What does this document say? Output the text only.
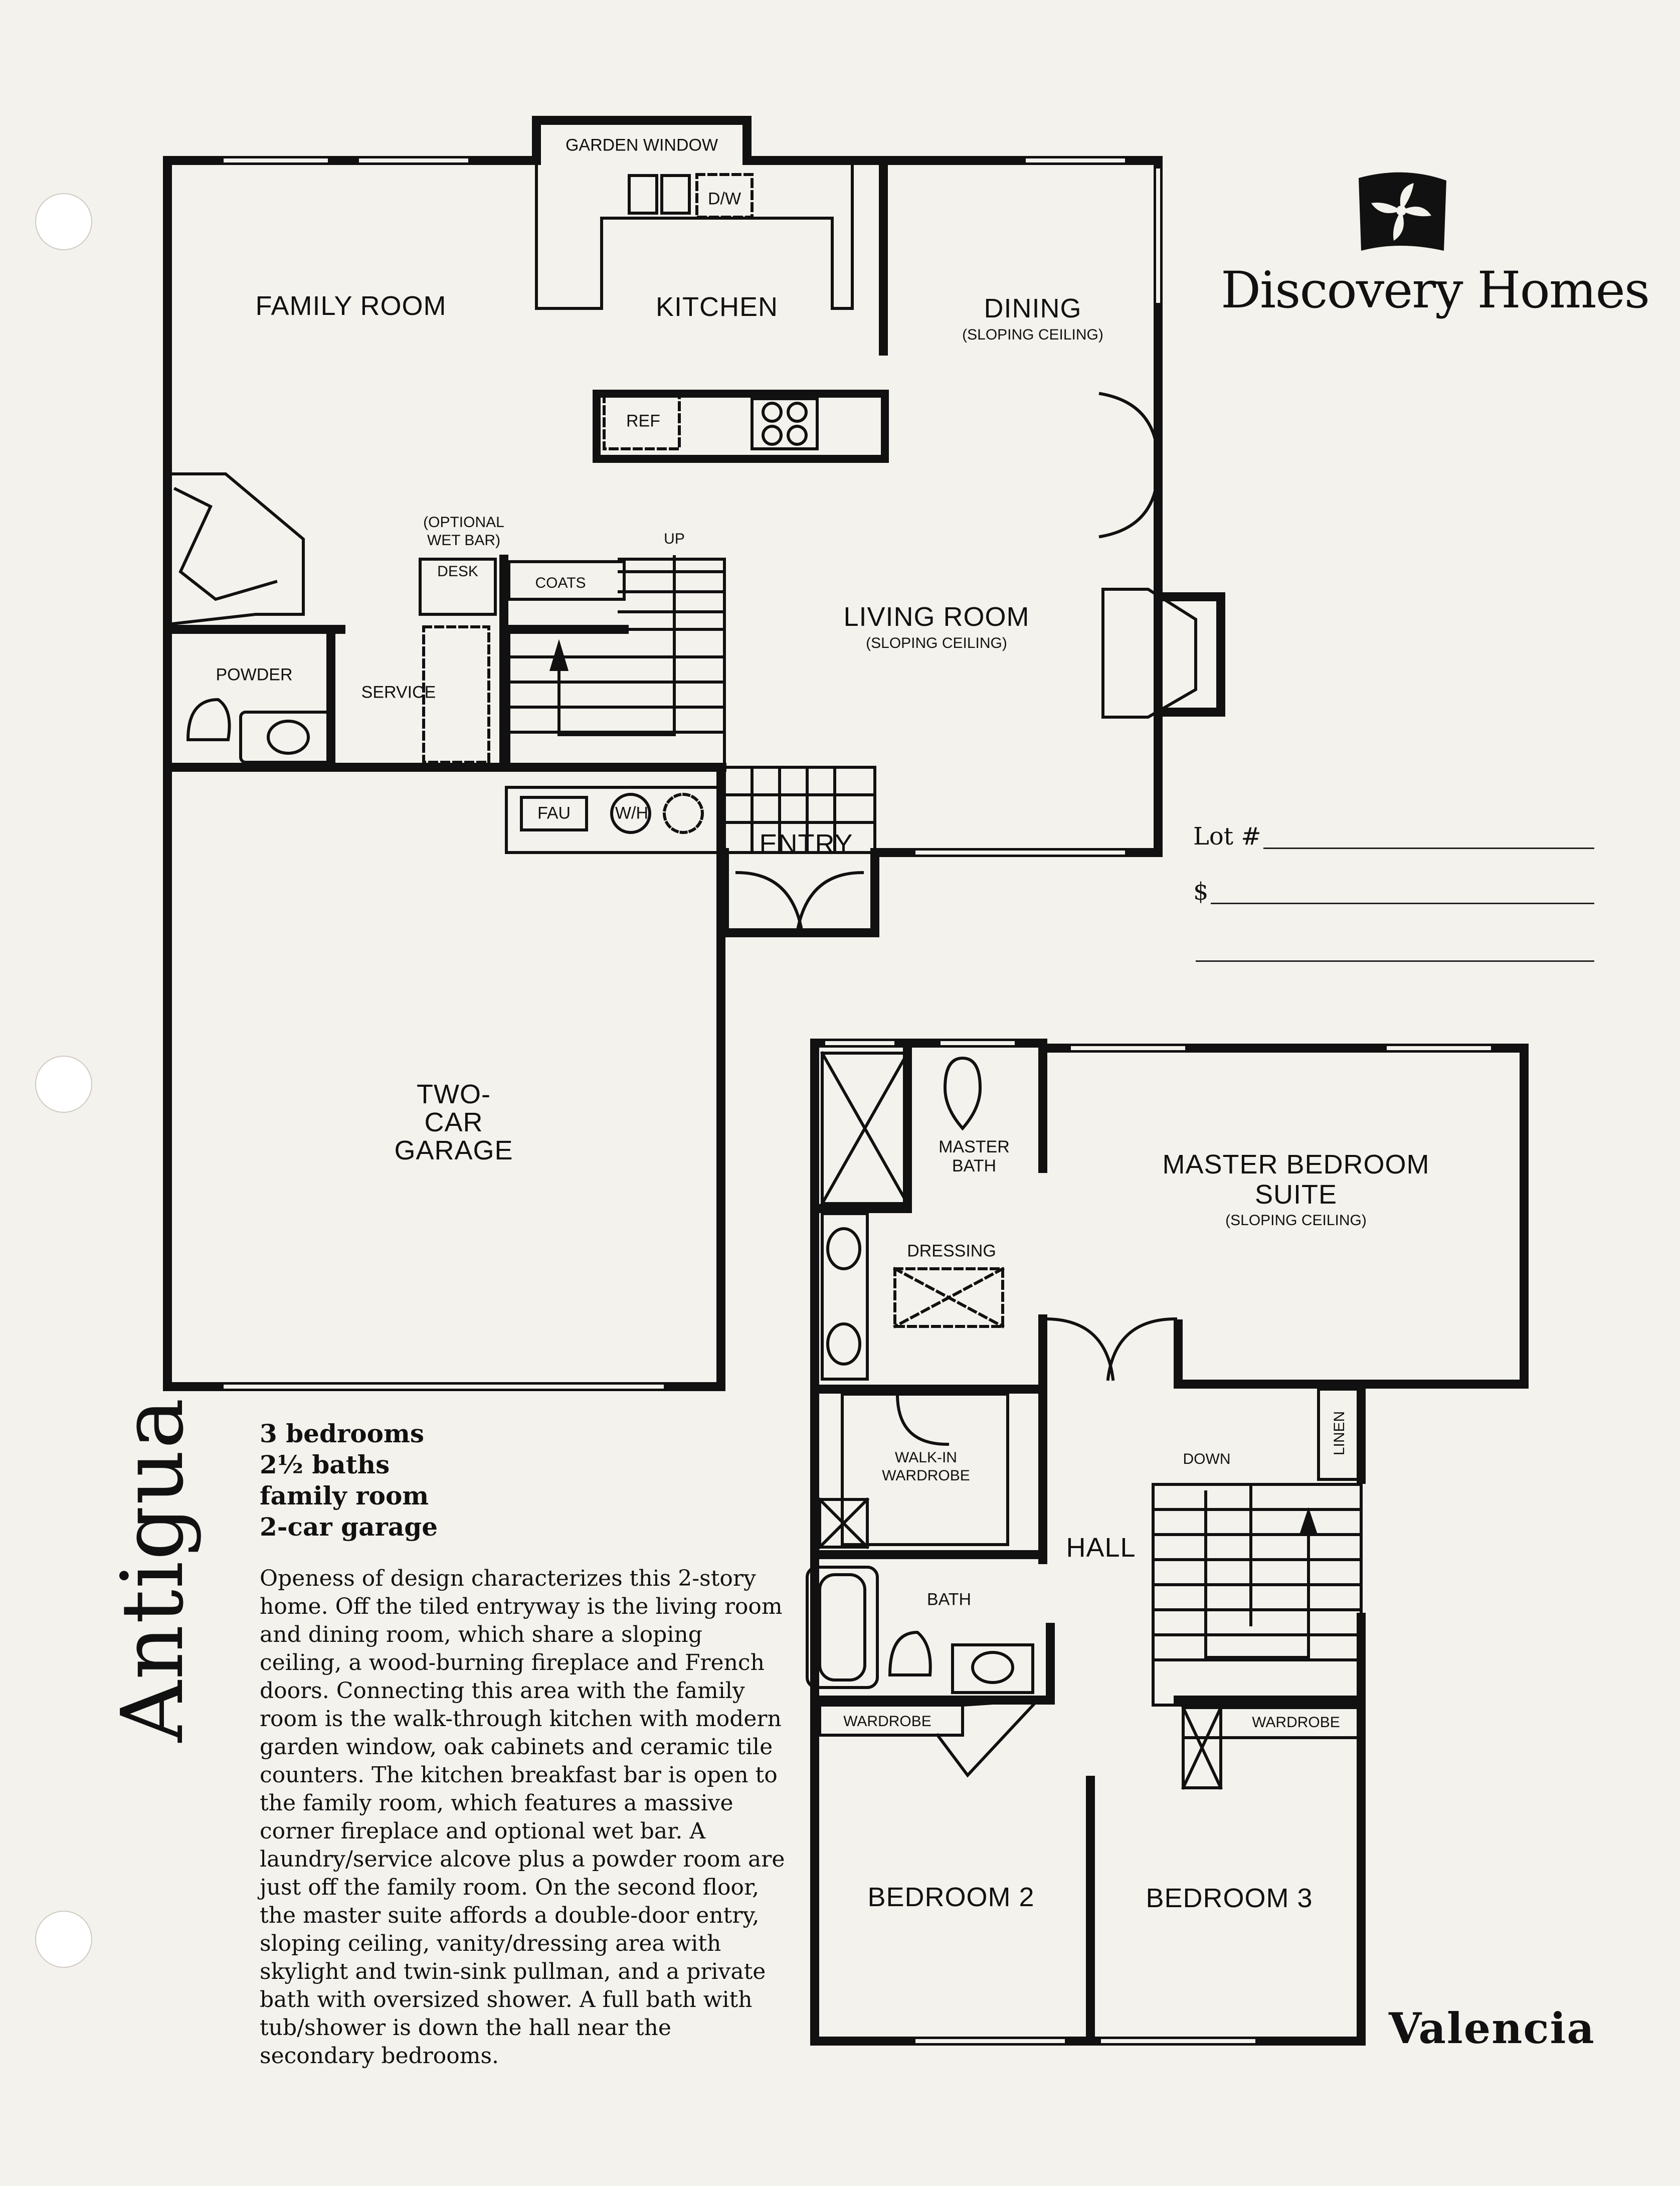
Discovery Homes
Lot #
$
FAMILY ROOM	KITCHEN
GARDEN WINDOW
D/W
REF
DINING
(SLOPING CEILING)
LIVING ROOM
(SLOPING CEILING)
(OPTIONAL WET BAR)
DESK
COATS
UP
POWDER
SERVICE
FAU	W/H
ENTRY
TWO-CAR GARAGE	MASTER BATH	MASTER BEDROOM SUITE
(SLOPING CEILING)
DRESSING
WALK-IN WARDROBE
LINEN
DOWN
HALL
BATH
WARDROBE	WARDROBE
BEDROOM 2	BEDROOM 3
Antigua 3 bedrooms
2½ baths
family room
2-car garage
Openess of design characterizes this 2-story home. Off the tiled entryway is the living room and dining room, which share a sloping ceiling, a wood-burning fireplace and French doors. Connecting this area with the family room is the walk-through kitchen with modern garden window, oak cabinets and ceramic tile counters. The kitchen breakfast bar is open to the family room, which features a massive corner fireplace and optional wet bar. A laundry/service alcove plus a powder room are just off the family room. On the second floor, the master suite affords a double-door entry, sloping ceiling, vanity/dressing area with skylight and twin-sink pullman, and a private bath with oversized shower. A full bath with tub/shower is down the hall near the secondary bedrooms.
Valencia
